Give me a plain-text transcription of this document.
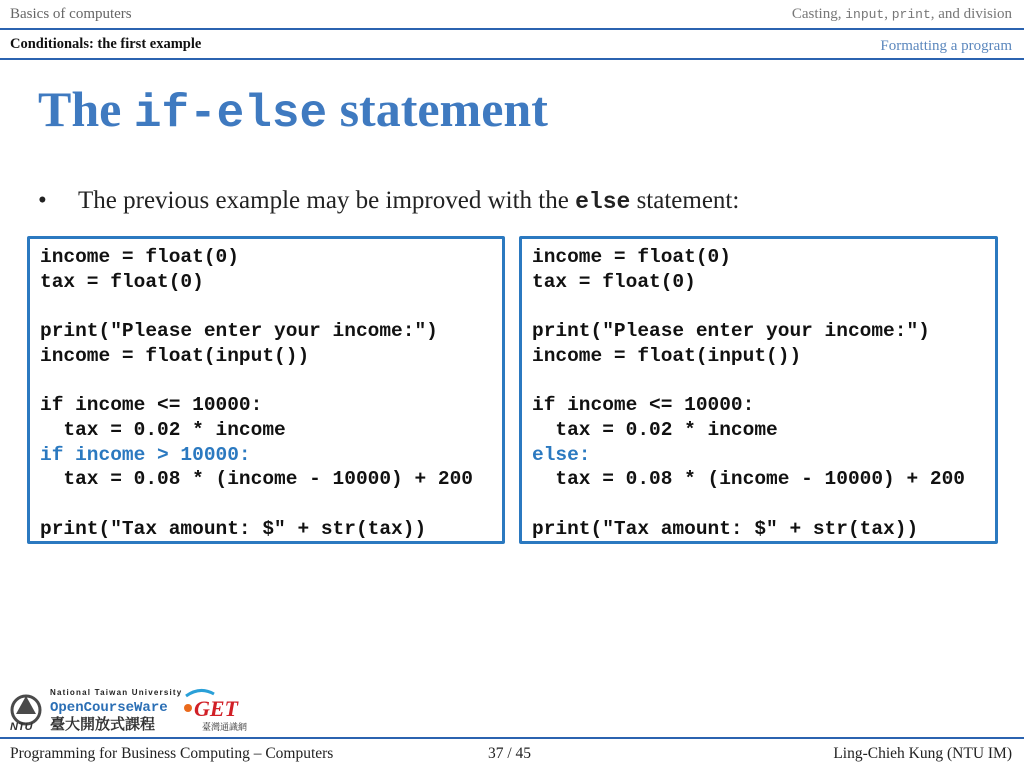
Basics of computers	Casting, input, print, and division
Conditionals: the first example	Formatting a program
The if-else statement
• The previous example may be improved with the else statement:
income = float(0)
tax = float(0)
print("Please enter your income:")
income = float(input())
if income <= 10000:
tax = 0.02 * income
if income > 10000:
tax = 0.08 * (income - 10000) + 200
print("Tax amount: $" + str(tax))
income = float(0)
tax = float(0)
print("Please enter your income:")
income = float(input())
if income <= 10000:
tax = 0.02 * income
else:
tax = 0.08 * (income - 10000) + 200
print("Tax amount: $" + str(tax))
NTU
National Taiwan University
OpenCourseWare
臺大開放式課程
GET
臺灣通識網
Programming for Business Computing – Computers	37 / 45	Ling-Chieh Kung (NTU IM)
